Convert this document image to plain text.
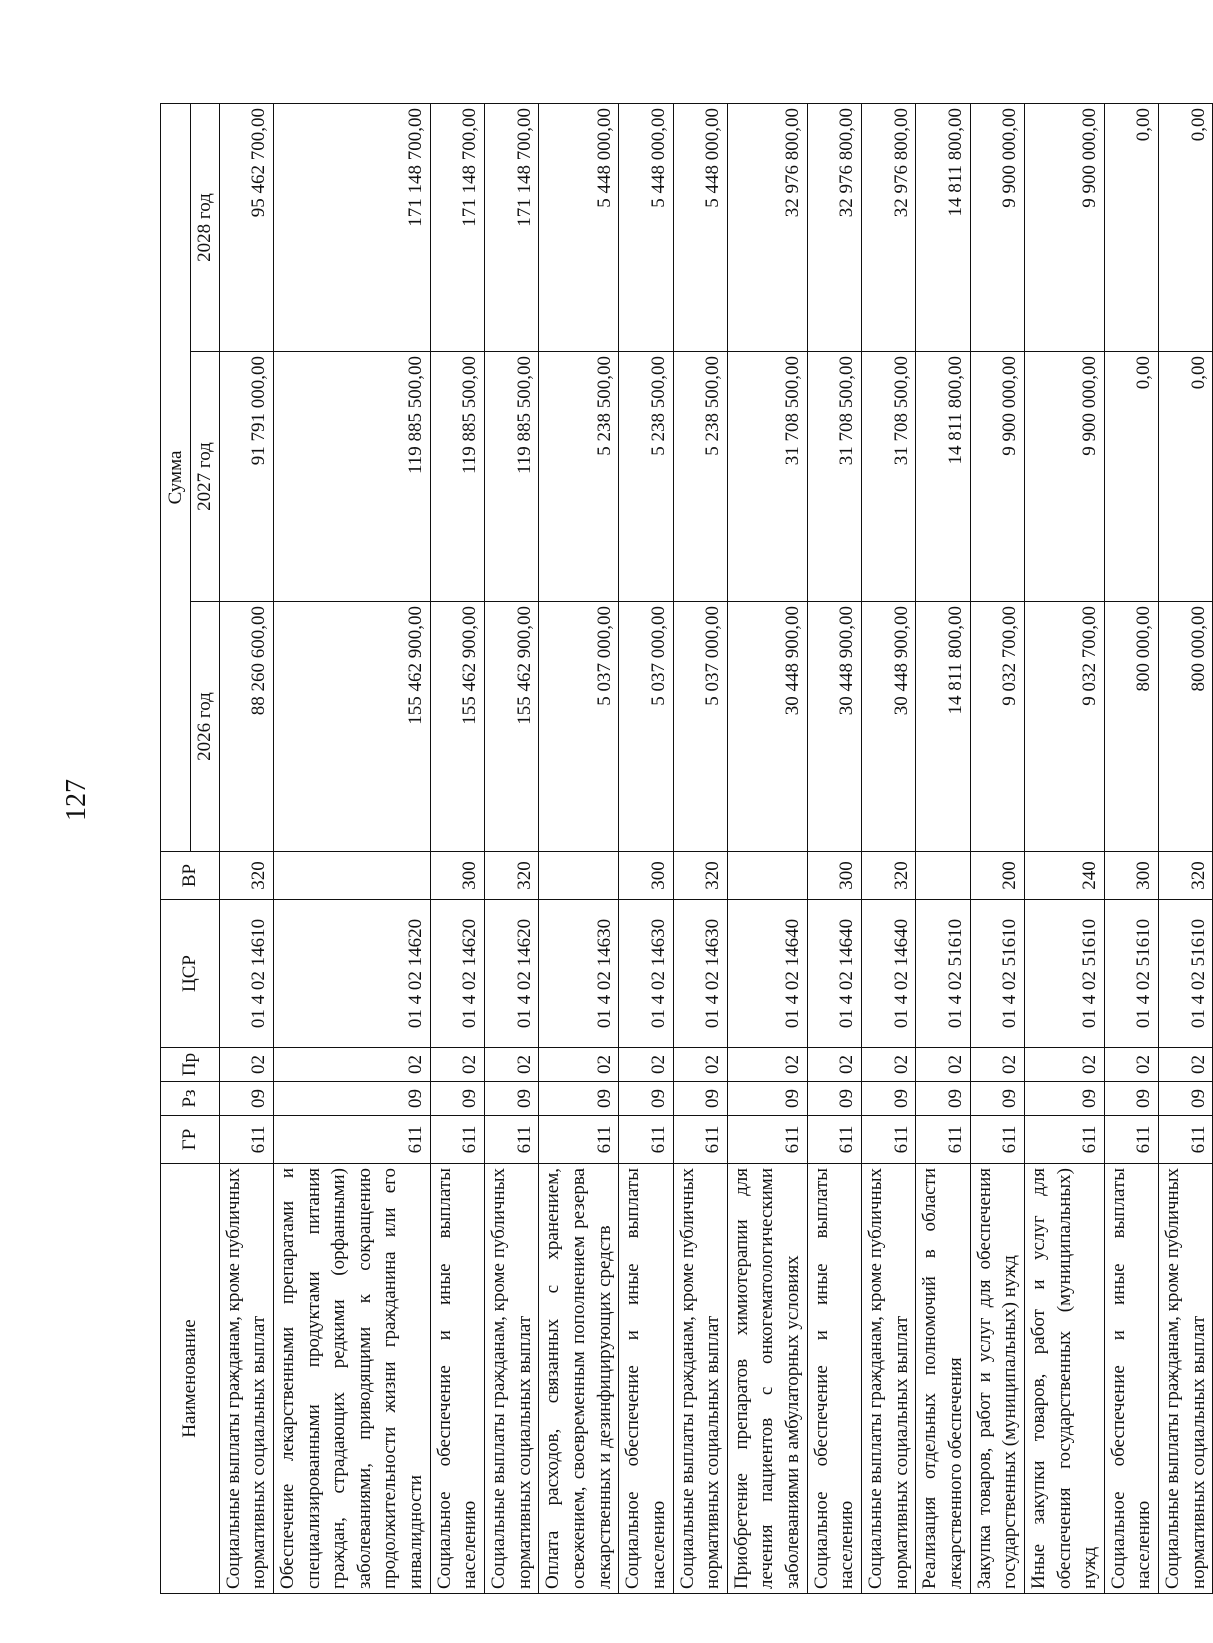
127
Наименование	ГР	Рз	Пр	ЦСР	ВР	Сумма		
						2026 год	2027 год	2028 год
Социальные выплаты гражданам, кроме публичных нормативных социальных выплат	611	09	02	01 4 02 14610	320	88 260 600,00	91 791 000,00	95 462 700,00
Обеспечение лекарственными препаратами и специализированными продуктами питания граждан, страдающих редкими (орфанными) заболеваниями, приводящими к сокращению продолжительности жизни гражданина или его инвалидности	611	09	02	01 4 02 14620		155 462 900,00	119 885 500,00	171 148 700,00
Социальное обеспечение и иные выплаты населению	611	09	02	01 4 02 14620	300	155 462 900,00	119 885 500,00	171 148 700,00
Социальные выплаты гражданам, кроме публичных нормативных социальных выплат	611	09	02	01 4 02 14620	320	155 462 900,00	119 885 500,00	171 148 700,00
Оплата расходов, связанных с хранением, освежением, своевременным пополнением резерва лекарственных и дезинфицирующих средств	611	09	02	01 4 02 14630		5 037 000,00	5 238 500,00	5 448 000,00
Социальное обеспечение и иные выплаты населению	611	09	02	01 4 02 14630	300	5 037 000,00	5 238 500,00	5 448 000,00
Социальные выплаты гражданам, кроме публичных нормативных социальных выплат	611	09	02	01 4 02 14630	320	5 037 000,00	5 238 500,00	5 448 000,00
Приобретение препаратов химиотерапии для лечения пациентов с онкогематологическими заболеваниями в амбулаторных условиях	611	09	02	01 4 02 14640		30 448 900,00	31 708 500,00	32 976 800,00
Социальное обеспечение и иные выплаты населению	611	09	02	01 4 02 14640	300	30 448 900,00	31 708 500,00	32 976 800,00
Социальные выплаты гражданам, кроме публичных нормативных социальных выплат	611	09	02	01 4 02 14640	320	30 448 900,00	31 708 500,00	32 976 800,00
Реализация отдельных полномочий в области лекарственного обеспечения	611	09	02	01 4 02 51610		14 811 800,00	14 811 800,00	14 811 800,00
Закупка товаров, работ и услуг для обеспечения государственных (муниципальных) нужд	611	09	02	01 4 02 51610	200	9 032 700,00	9 900 000,00	9 900 000,00
Иные закупки товаров, работ и услуг для обеспечения государственных (муниципальных) нужд	611	09	02	01 4 02 51610	240	9 032 700,00	9 900 000,00	9 900 000,00
Социальное обеспечение и иные выплаты населению	611	09	02	01 4 02 51610	300	800 000,00	0,00	0,00
Социальные выплаты гражданам, кроме публичных нормативных социальных выплат	611	09	02	01 4 02 51610	320	800 000,00	0,00	0,00
